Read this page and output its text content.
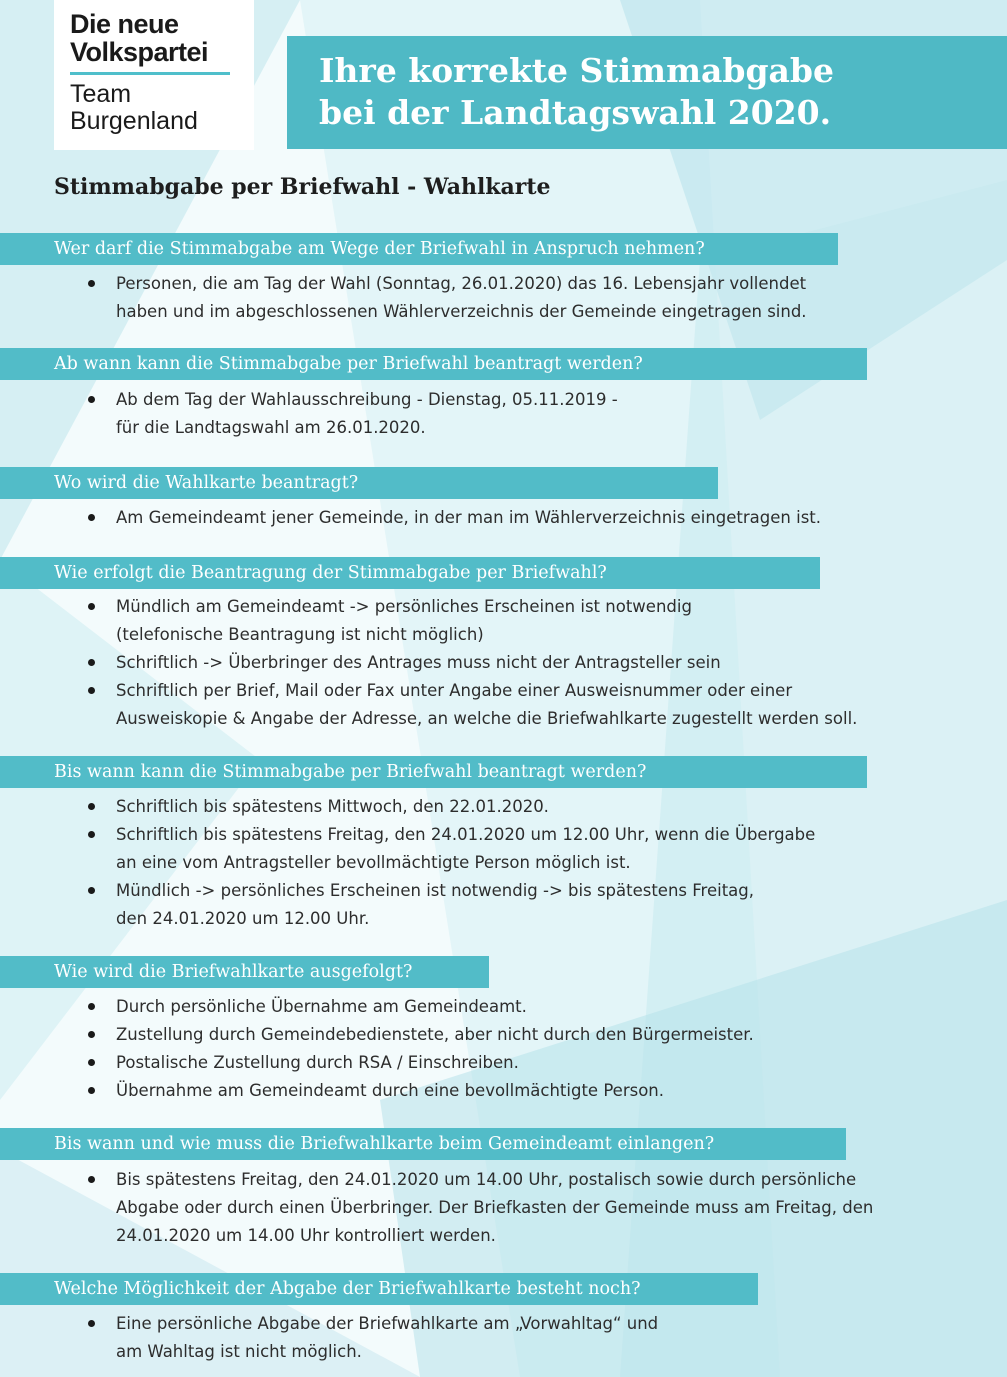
Die neue
Volkspartei
Team
Burgenland
Ihre korrekte Stimmabgabe
bei der Landtagswahl 2020.
Stimmabgabe per Briefwahl - Wahlkarte
Wer darf die Stimmabgabe am Wege der Briefwahl in Anspruch nehmen?
Personen, die am Tag der Wahl (Sonntag, 26.01.2020) das 16. Lebensjahr vollendet
haben und im abgeschlossenen Wählerverzeichnis der Gemeinde eingetragen sind.
Ab wann kann die Stimmabgabe per Briefwahl beantragt werden?
Ab dem Tag der Wahlausschreibung - Dienstag, 05.11.2019 -
für die Landtagswahl am 26.01.2020.
Wo wird die Wahlkarte beantragt?
Am Gemeindeamt jener Gemeinde, in der man im Wählerverzeichnis eingetragen ist.
Wie erfolgt die Beantragung der Stimmabgabe per Briefwahl?
Mündlich am Gemeindeamt -> persönliches Erscheinen ist notwendig
(telefonische Beantragung ist nicht möglich)
Schriftlich -> Überbringer des Antrages muss nicht der Antragsteller sein
Schriftlich per Brief, Mail oder Fax unter Angabe einer Ausweisnummer oder einer
Ausweiskopie & Angabe der Adresse, an welche die Briefwahlkarte zugestellt werden soll.
Bis wann kann die Stimmabgabe per Briefwahl beantragt werden?
Schriftlich bis spätestens Mittwoch, den 22.01.2020.
Schriftlich bis spätestens Freitag, den 24.01.2020 um 12.00 Uhr, wenn die Übergabe
an eine vom Antragsteller bevollmächtigte Person möglich ist.
Mündlich -> persönliches Erscheinen ist notwendig -> bis spätestens Freitag,
den 24.01.2020 um 12.00 Uhr.
Wie wird die Briefwahlkarte ausgefolgt?
Durch persönliche Übernahme am Gemeindeamt.
Zustellung durch Gemeindebedienstete, aber nicht durch den Bürgermeister.
Postalische Zustellung durch RSA / Einschreiben.
Übernahme am Gemeindeamt durch eine bevollmächtigte Person.
Bis wann und wie muss die Briefwahlkarte beim Gemeindeamt einlangen?
Bis spätestens Freitag, den 24.01.2020 um 14.00 Uhr, postalisch sowie durch persönliche
Abgabe oder durch einen Überbringer. Der Briefkasten der Gemeinde muss am Freitag, den
24.01.2020 um 14.00 Uhr kontrolliert werden.
Welche Möglichkeit der Abgabe der Briefwahlkarte besteht noch?
Eine persönliche Abgabe der Briefwahlkarte am „Vorwahltag“ und
am Wahltag ist nicht möglich.
